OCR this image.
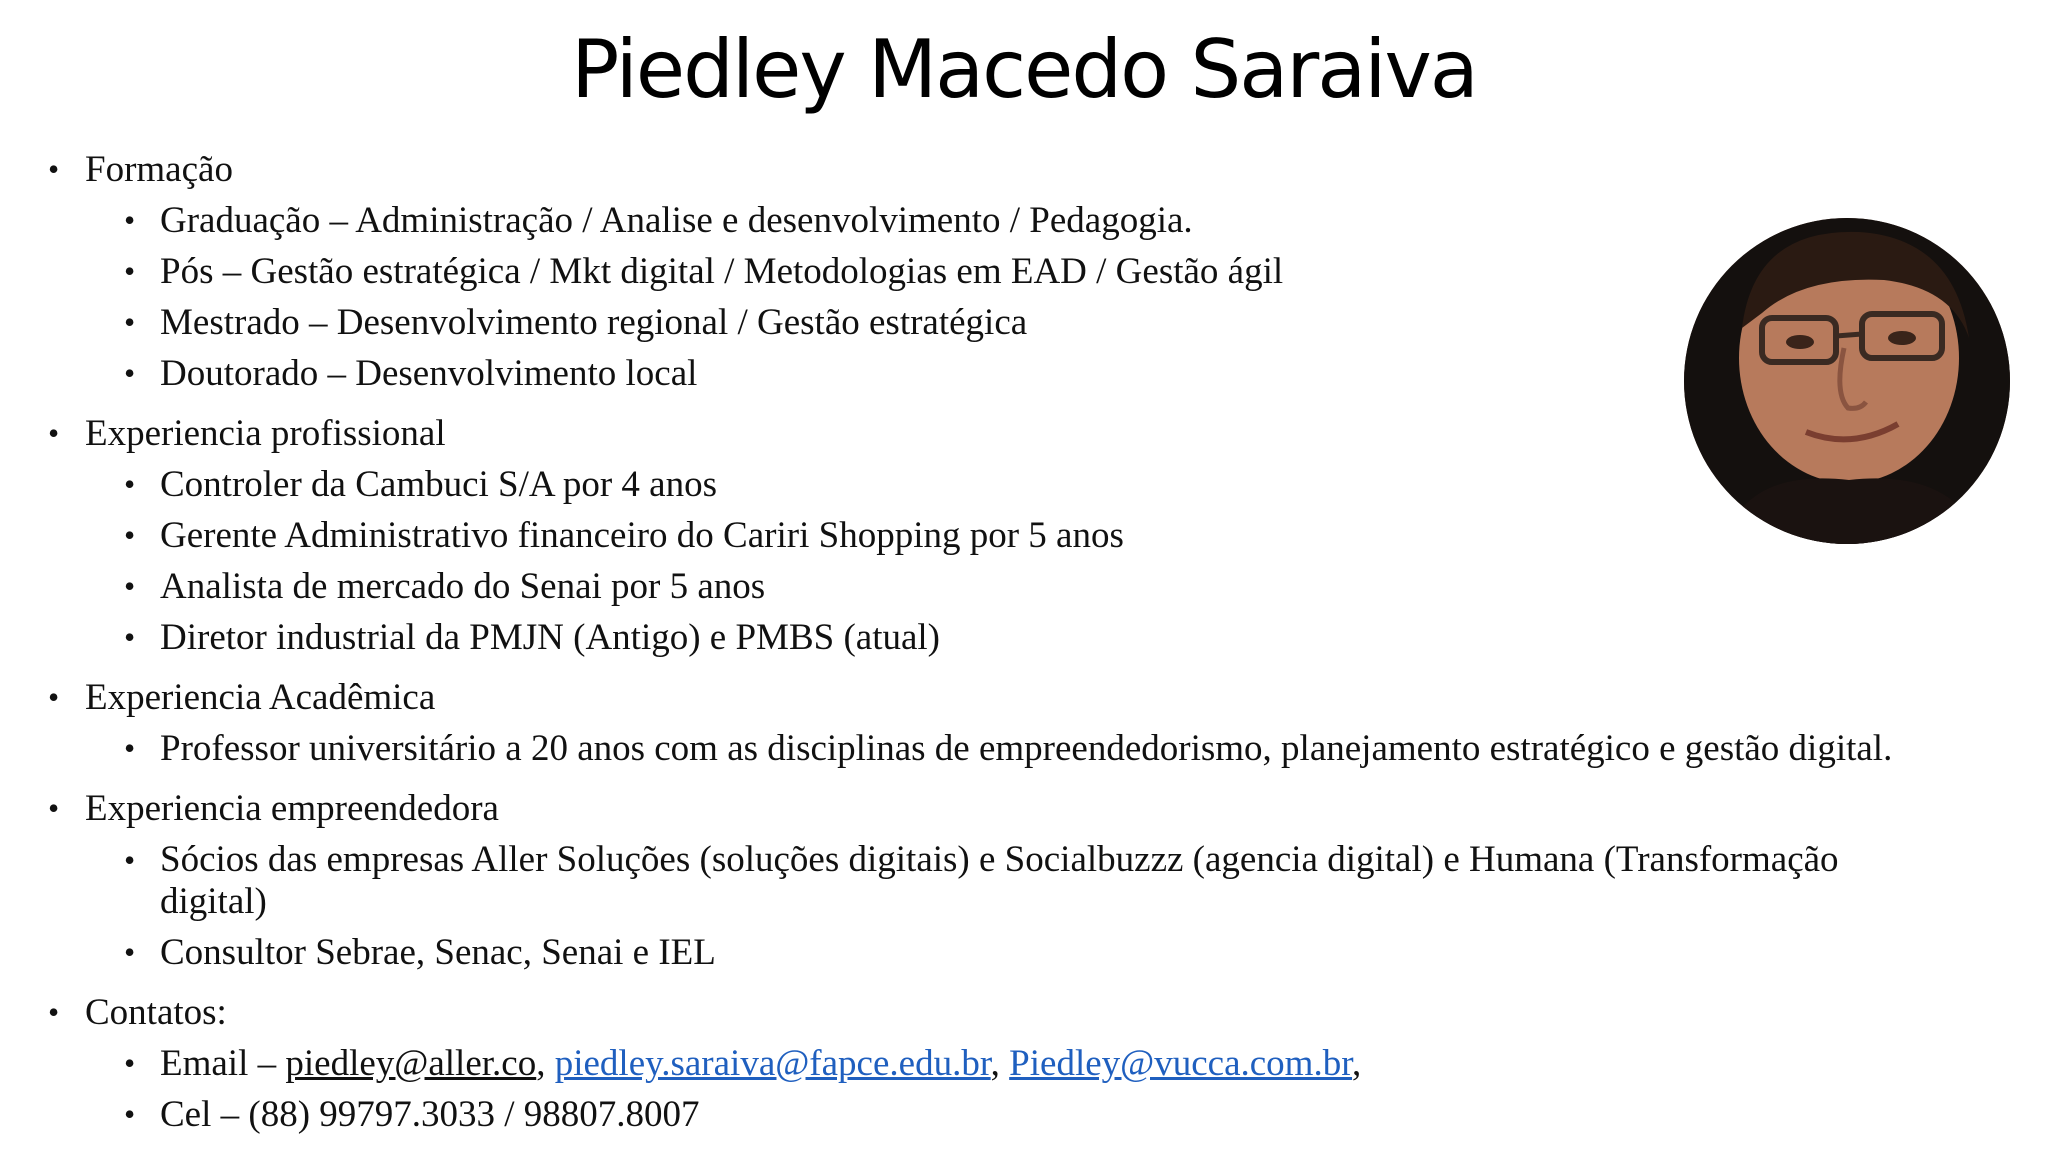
Piedley Macedo Saraiva
• Formação
• Graduação – Administração / Analise e desenvolvimento / Pedagogia.
• Pós – Gestão estratégica / Mkt digital / Metodologias em EAD / Gestão ágil
• Mestrado – Desenvolvimento regional / Gestão estratégica
• Doutorado – Desenvolvimento local
• Experiencia profissional
• Controler da Cambuci S/A por 4 anos
• Gerente Administrativo financeiro do Cariri Shopping por 5 anos
• Analista de mercado do Senai por 5 anos
• Diretor industrial da PMJN (Antigo) e PMBS (atual)
• Experiencia Acadêmica
• Professor universitário a 20 anos com as disciplinas de empreendedorismo, planejamento estratégico e gestão digital.
• Experiencia empreendedora
• Sócios das empresas Aller Soluções (soluções digitais) e Socialbuzzz (agencia digital) e Humana (Transformação digital)
• Consultor Sebrae, Senac, Senai e IEL
• Contatos:
• Email – piedley@aller.co, piedley.saraiva@fapce.edu.br, Piedley@vucca.com.br,
• Cel – (88) 99797.3033 / 98807.8007
